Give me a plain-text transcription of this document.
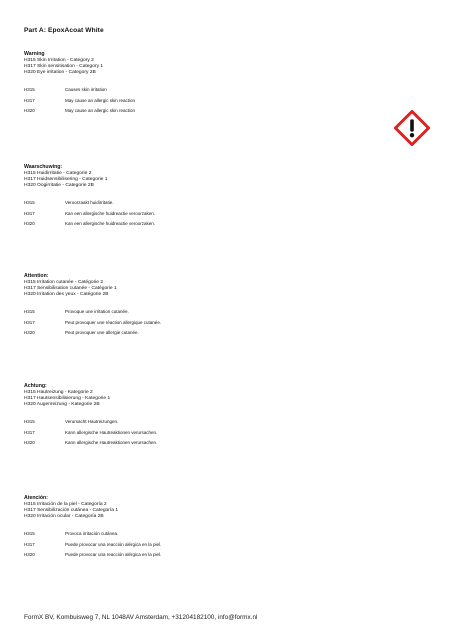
Part A: EpoxAcoat White
Warning
H315 Skin Irritation - Category 2
H317 Skin sensitisation - Category 1
H320 Eye irritation - Category 2B
H315	Causes skin irritation
H317	May cause an allergic skin reaction
H320	May cause an allergic skin reaction
Waarschuwing:
H315 Huidirritatie - Categorie 2
H317 Huidsensibilisering - Categorie 1
H320 Oogirritatie - Categorie 2B
H315	Veroorzaakt huidirritatie.
H317	Kan een allergische huidreactie veroorzaken.
H320	Kan een allergische huidreactie veroorzaken.
Attention:
H315 Irritation cutanée - Catégorie 2
H317 Sensibilisation cutanée - Catégorie 1
H320 Irritation des yeux - Catégorie 2B
H315	Provoque une irritation cutanée.
H317	Peut provoquer une réaction allergique cutanée.
H320	Peut provoquer une allergie cutanée.
Achtung:
H315 Hautreizung - Kategorie 2
H317 Hautsensibilisierung - Kategorie 1
H320 Augenreizung - Kategorie 2B
H315	Verursacht Hautreizungen.
H317	Kann allergische Hautreaktionen verursachen.
H320	Kann allergische Hautreaktionen verursachen.
Atención:
H315 Irritación de la piel - Categoría 2
H317 Sensibilización cutánea - Categoría 1
H320 Irritación ocular - Categoría 2B
H315	Provoca irritación cutánea.
H317	Puede provocar una reacción alérgica en la piel.
H320	Puede provocar una reacción alérgica en la piel.
FormX BV, Kombuisweg 7, NL 1048AV Amsterdam, +31204182100, info@formx.nl
